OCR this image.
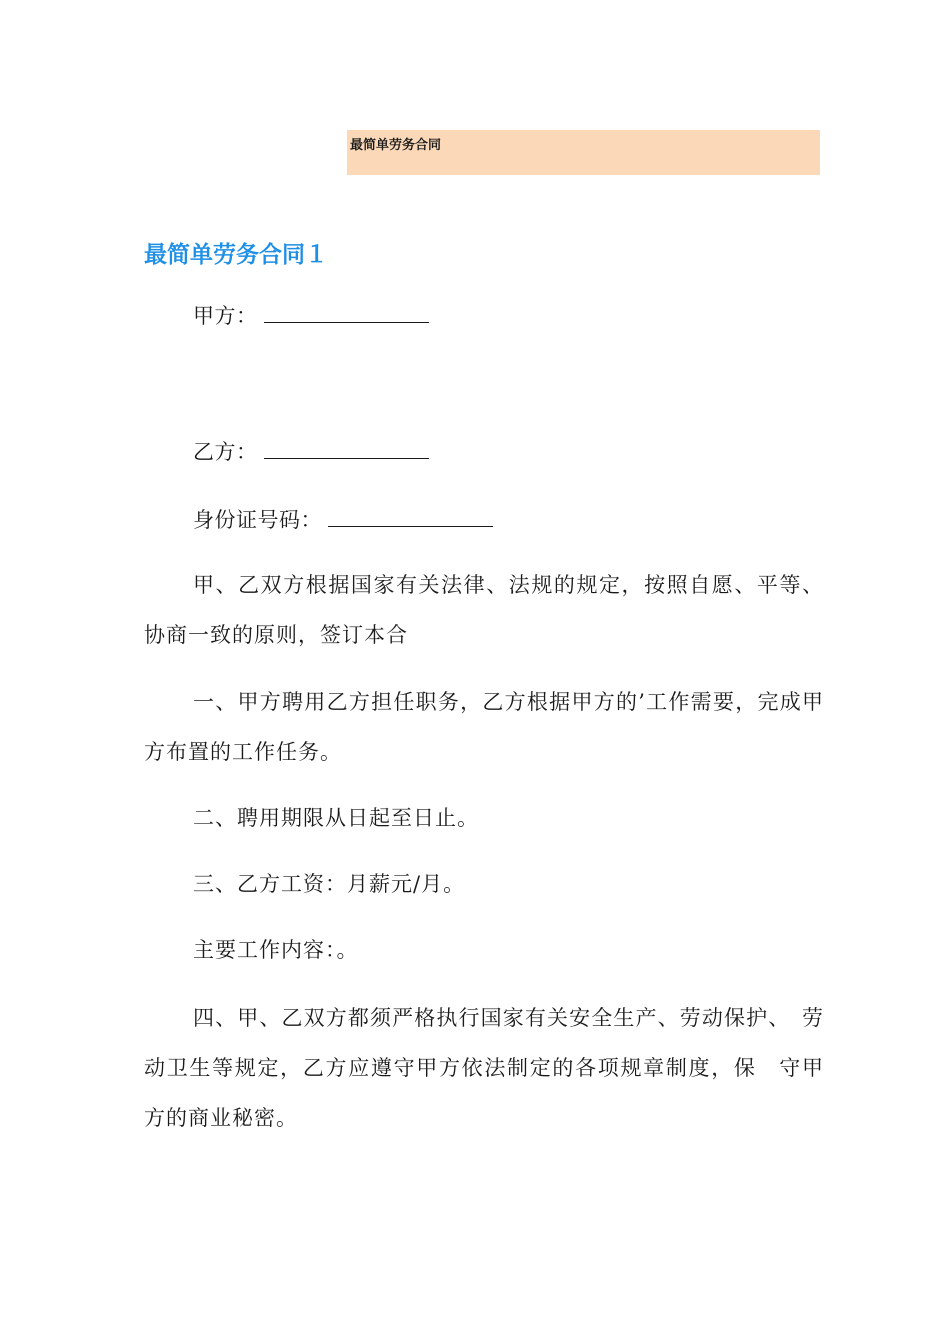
最简单劳务合同
最简单劳务合同１
甲方：
乙方：
身份证号码：

甲、乙双方根据国家有关法律、法规的规定，按照自愿、平等、协商一致的原则，签订本合

一、甲方聘用乙方担任职务，乙方根据甲方的’工作需要，完成甲方布置的工作任务。

二、聘用期限从日起至日止。

三、乙方工资：月薪元/月。

主要工作内容：。

四、甲、乙双方都须严格执行国家有关安全生产、劳动保护、　劳动卫生等规定，乙方应遵守甲方依法制定的各项规章制度，保　守甲方的商业秘密。
